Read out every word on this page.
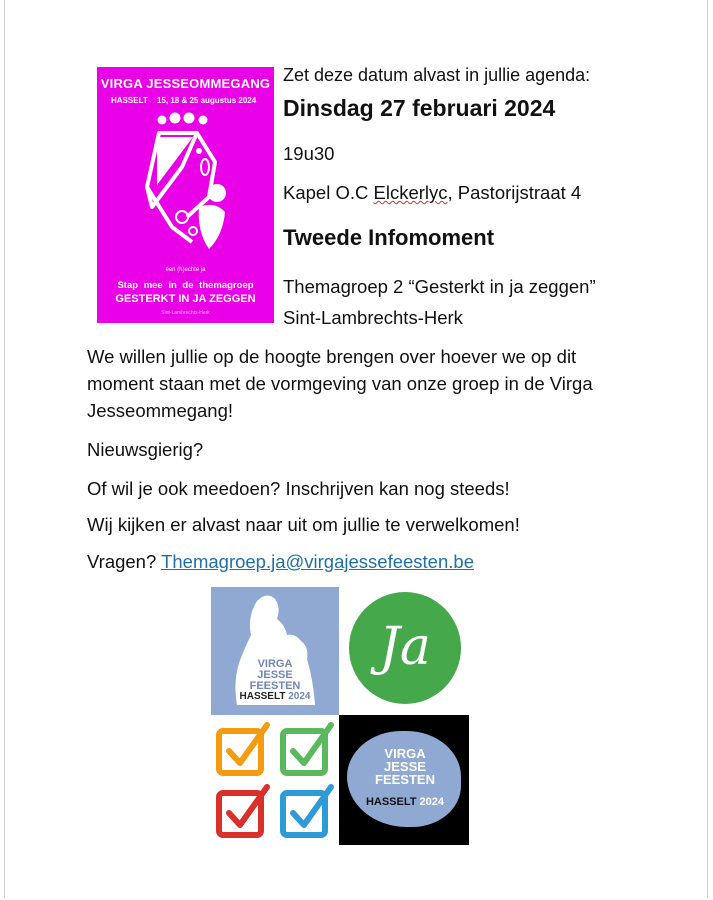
VIRGA JESSEOMMEGANG
HASSELT 15, 18 & 25 augustus 2024
een (h)echte ja
Stap mee in de themagroep
GESTERKT IN JA ZEGGEN
Sint-Lambrechts-Herk
Zet deze datum alvast in jullie agenda:
Dinsdag 27 februari 2024
19u30
Kapel O.C Elckerlyc, Pastorijstraat 4
Tweede Infomoment
Themagroep 2 “Gesterkt in ja zeggen” Sint-Lambrechts-Herk
We willen jullie op de hoogte brengen over hoever we op dit moment staan met de vormgeving van onze groep in de Virga Jesseommegang!
Nieuwsgierig?
Of wil je ook meedoen? Inschrijven kan nog steeds!
Wij kijken er alvast naar uit om jullie te verwelkomen!
Vragen? Themagroep.ja@virgajessefeesten.be
VIRGA
JESSE
FEESTEN
HASSELT 2024
Ja
VIRGA
JESSE
FEESTEN
HASSELT 2024
